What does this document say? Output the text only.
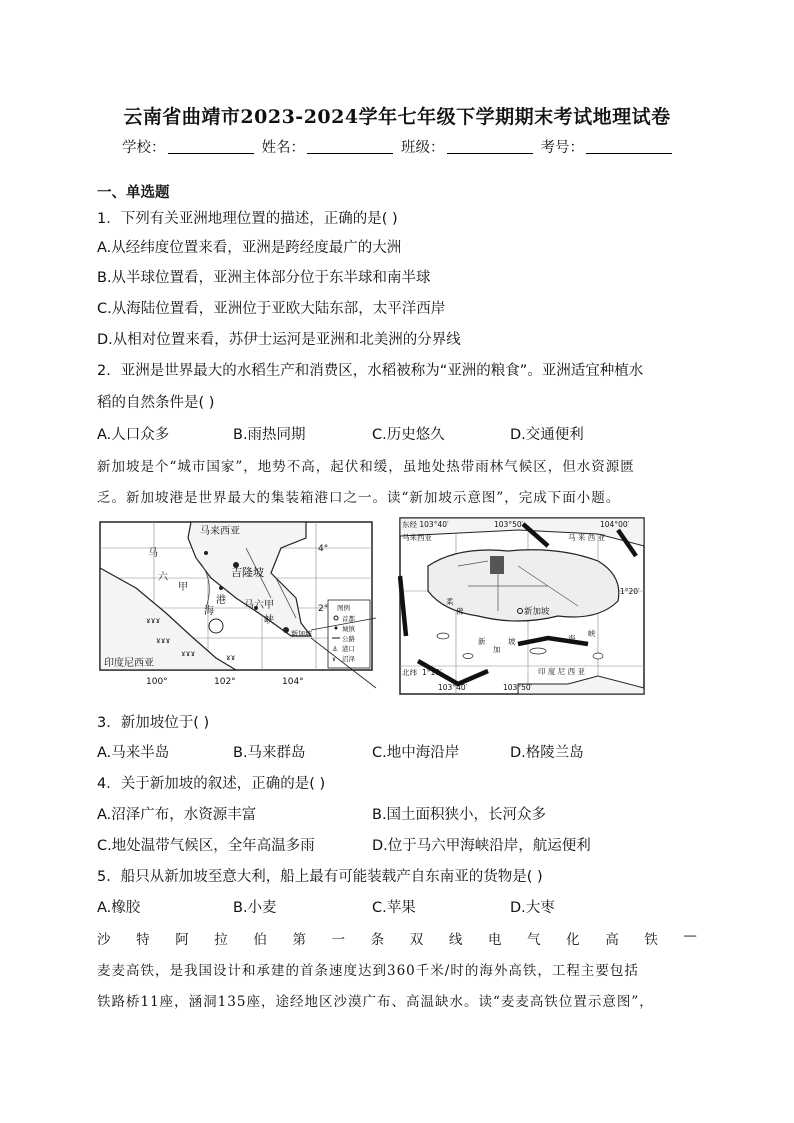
云南省曲靖市2023-2024学年七年级下学期期末考试地理试卷
学校：	姓名：	班级：	考号：
一、单选题
1．下列有关亚洲地理位置的描述，正确的是( )
A.从经纬度位置来看，亚洲是跨经度最广的大洲
B.从半球位置看，亚洲主体部分位于东半球和南半球
C.从海陆位置看，亚洲位于亚欧大陆东部，太平洋西岸
D.从相对位置来看，苏伊士运河是亚洲和北美洲的分界线
2．亚洲是世界最大的水稻生产和消费区，水稻被称为“亚洲的粮食”。亚洲适宜种植水
稻的自然条件是( )
A.人口众多	B.雨热同期	C.历史悠久	D.交通便利
新加坡是个“城市国家”，地势不高，起伏和缓，虽地处热带雨林气候区，但水资源匮
乏。新加坡港是世界最大的集装箱港口之一。读“新加坡示意图”，完成下面小题。
ɤɤɤ
ɤɤɤ
ɤɤɤ	ɤɤ
马来西亚
吉隆坡
马
六
甲
海
峡
港 马六甲
新加坡
印度尼西亚
4°
2°
100°	102°	104°
图例
首都
城镇
公路
⚓ 港口
ɤ 沼泽
东经 103°40′	103°50′	104°00′
马来西亚	马 来 西 亚
1°20′
北纬 1°10′
新加坡
印 度 尼 西 亚
103°40′	103°50′
柔
佛
新
加
坡	海
峡
3．新加坡位于( )
A.马来半岛	B.马来群岛	C.地中海沿岸	D.格陵兰岛
4．关于新加坡的叙述，正确的是( )
A.沼泽广布，水资源丰富	B.国土面积狭小，长河众多
C.地处温带气候区，全年高温多雨	D.位于马六甲海峡沿岸，航运便利
5．船只从新加坡至意大利，船上最有可能装载产自东南亚的货物是( )
A.橡胶	B.小麦	C.苹果	D.大枣
沙 特 阿 拉 伯 第 一 条 双 线 电 气 化 高 铁 —
麦麦高铁，是我国设计和承建的首条速度达到360千米/时的海外高铁，工程主要包括
铁路桥11座，涵洞135座，途经地区沙漠广布、高温缺水。读“麦麦高铁位置示意图”，
